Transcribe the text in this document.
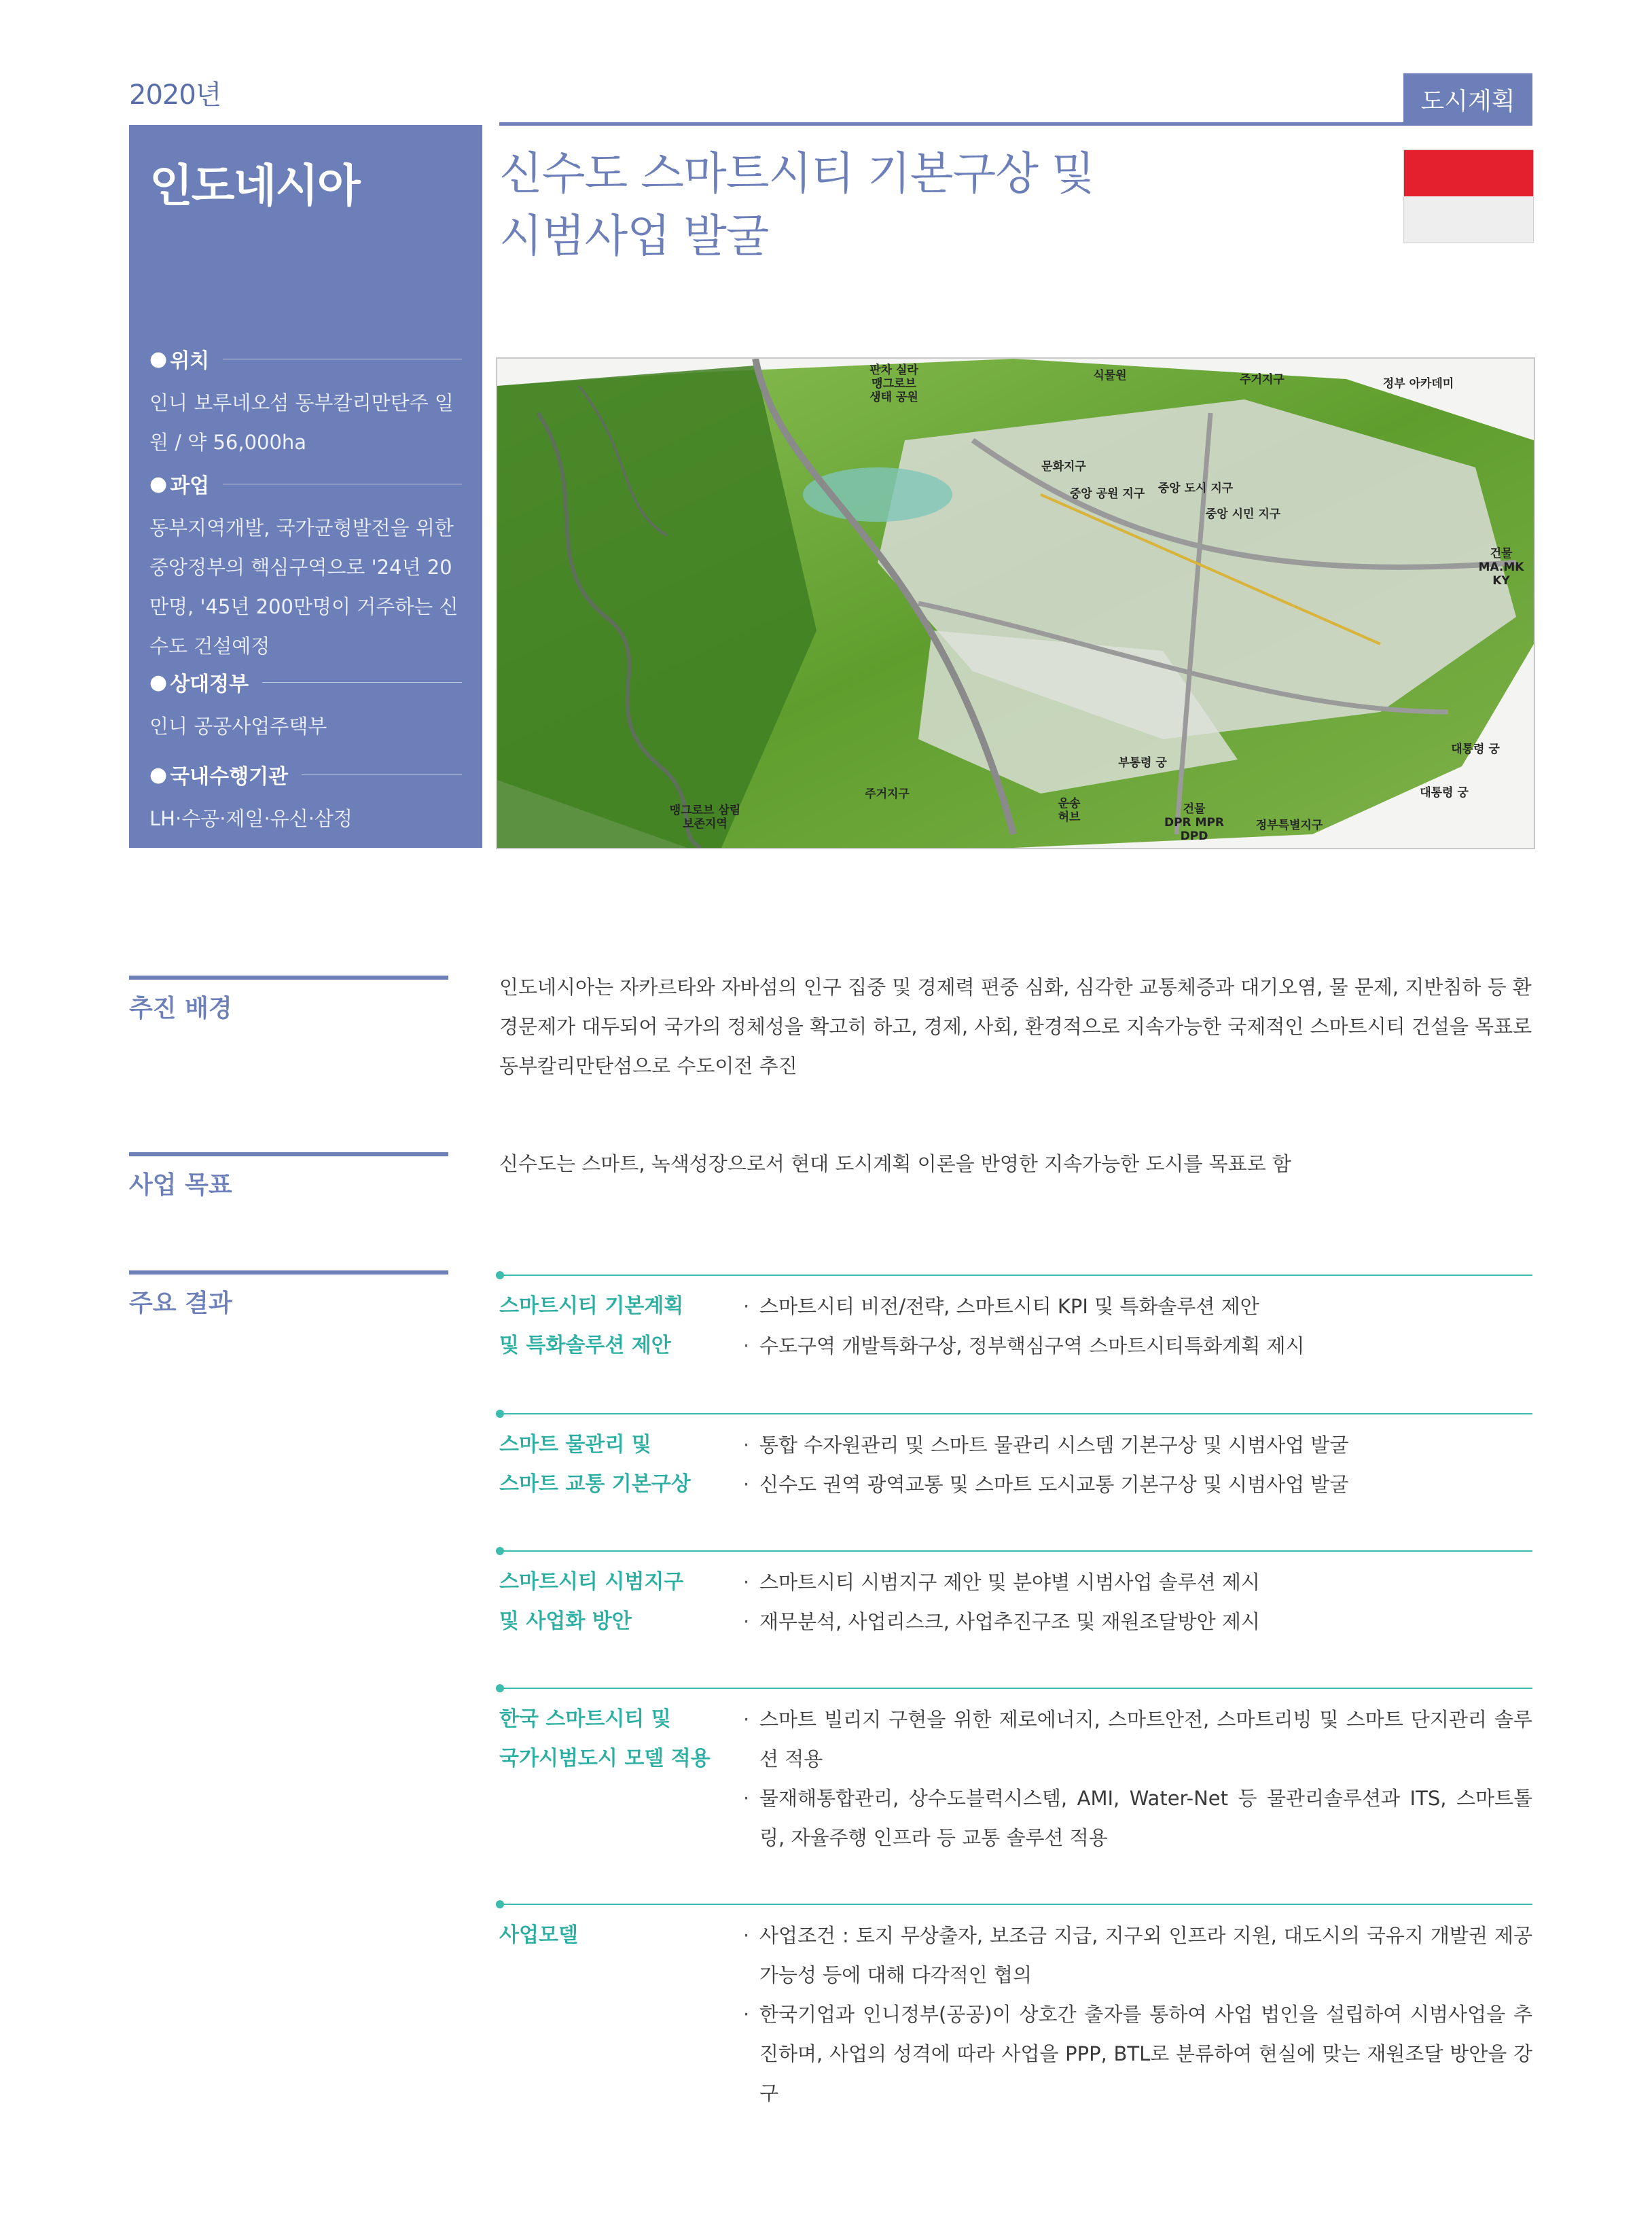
2020년	도시계획
인도네시아
● 위치
인니 보루네오섬 동부칼리만탄주 일원 / 약 56,000ha
● 과업
동부지역개발, 국가균형발전을 위한 중앙정부의 핵심구역으로 '24년 20만명, '45년 200만명이 거주하는 신수도 건설예정
● 상대정부
인니 공공사업주택부
● 국내수행기관
LH·수공·제일·유신·삼정
신수도 스마트시티 기본구상 및
시범사업 발굴
판차 실라
맹그로브
생태 공원
식물원	주거지구	정부 아카데미
문화지구
중앙 공원 지구 중앙 도시 지구
중앙 시민 지구
건물
MA.MK
KY
대통령 궁
부통령 궁
주거지구
운송
허브
대통령 궁
맹그로브 삼림
보존지역
건물
DPR MPR
DPD
정부특별지구
추진 배경
인도네시아는 자카르타와 자바섬의 인구 집중 및 경제력 편중 심화, 심각한 교통체증과 대기오염, 물 문제, 지반침하 등 환경문제가 대두되어 국가의 정체성을 확고히 하고, 경제, 사회, 환경적으로 지속가능한 국제적인 스마트시티 건설을 목표로 동부칼리만탄섬으로 수도이전 추진
사업 목표
신수도는 스마트, 녹색성장으로서 현대 도시계획 이론을 반영한 지속가능한 도시를 목표로 함
주요 결과	스마트시티 기본계획
및 특화솔루션 제안
· 스마트시티 비전/전략, 스마트시티 KPI 및 특화솔루션 제안
· 수도구역 개발특화구상, 정부핵심구역 스마트시티특화계획 제시
스마트 물관리 및
스마트 교통 기본구상
· 통합 수자원관리 및 스마트 물관리 시스템 기본구상 및 시범사업 발굴
· 신수도 권역 광역교통 및 스마트 도시교통 기본구상 및 시범사업 발굴
스마트시티 시범지구
및 사업화 방안
· 스마트시티 시범지구 제안 및 분야별 시범사업 솔루션 제시
· 재무분석, 사업리스크, 사업추진구조 및 재원조달방안 제시
한국 스마트시티 및
국가시범도시 모델 적용
· 스마트 빌리지 구현을 위한 제로에너지, 스마트안전, 스마트리빙 및 스마트 단지관리 솔루션 적용
· 물재해통합관리, 상수도블럭시스템, AMI, Water-Net 등 물관리솔루션과 ITS, 스마트톨링, 자율주행 인프라 등 교통 솔루션 적용
사업모델
·	사업조건 : 토지 무상출자, 보조금 지급, 지구외 인프라 지원, 대도시의 국유지 개발권 제공 가능성 등에 대해 다각적인 협의
· 한국기업과 인니정부(공공)이 상호간 출자를 통하여 사업 법인을 설립하여 시범사업을 추진하며, 사업의 성격에 따라 사업을 PPP, BTL로 분류하여 현실에 맞는 재원조달 방안을 강구
